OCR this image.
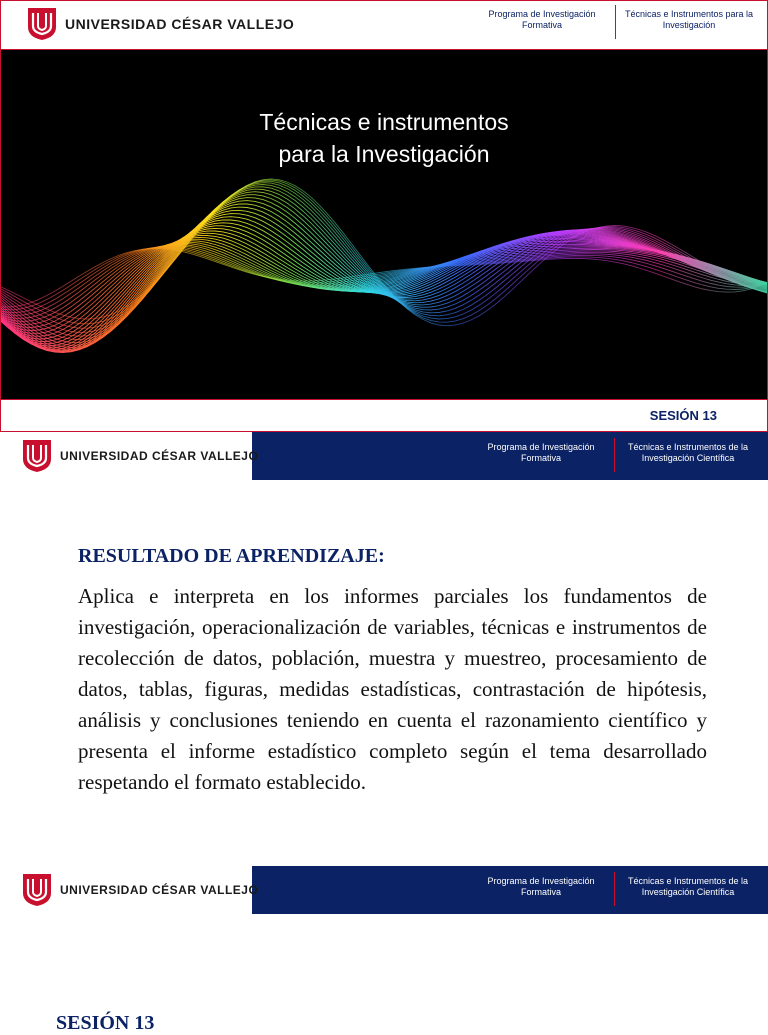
UNIVERSIDAD CÉSAR VALLEJO
Programa de Investigación
Formativa
Técnicas e Instrumentos para la
Investigación
Técnicas e instrumentos
para la Investigación
SESIÓN 13
UNIVERSIDAD CÉSAR VALLEJO
Programa de Investigación
Formativa
Técnicas e Instrumentos de la
Investigación Científica
RESULTADO DE APRENDIZAJE:

Aplica e interpreta en los informes parciales los fundamentos de investigación, operacionalización de variables, técnicas e instrumentos de recolección de datos, población, muestra y muestreo, procesamiento de datos, tablas, figuras, medidas estadísticas, contrastación de hipótesis, análisis y conclusiones teniendo en cuenta el razonamiento científico y presenta el informe estadístico completo según el tema desarrollado respetando el formato establecido.

UNIVERSIDAD CÉSAR VALLEJO
Programa de Investigación
Formativa
Técnicas e Instrumentos de la
Investigación Científica
SESIÓN 13
